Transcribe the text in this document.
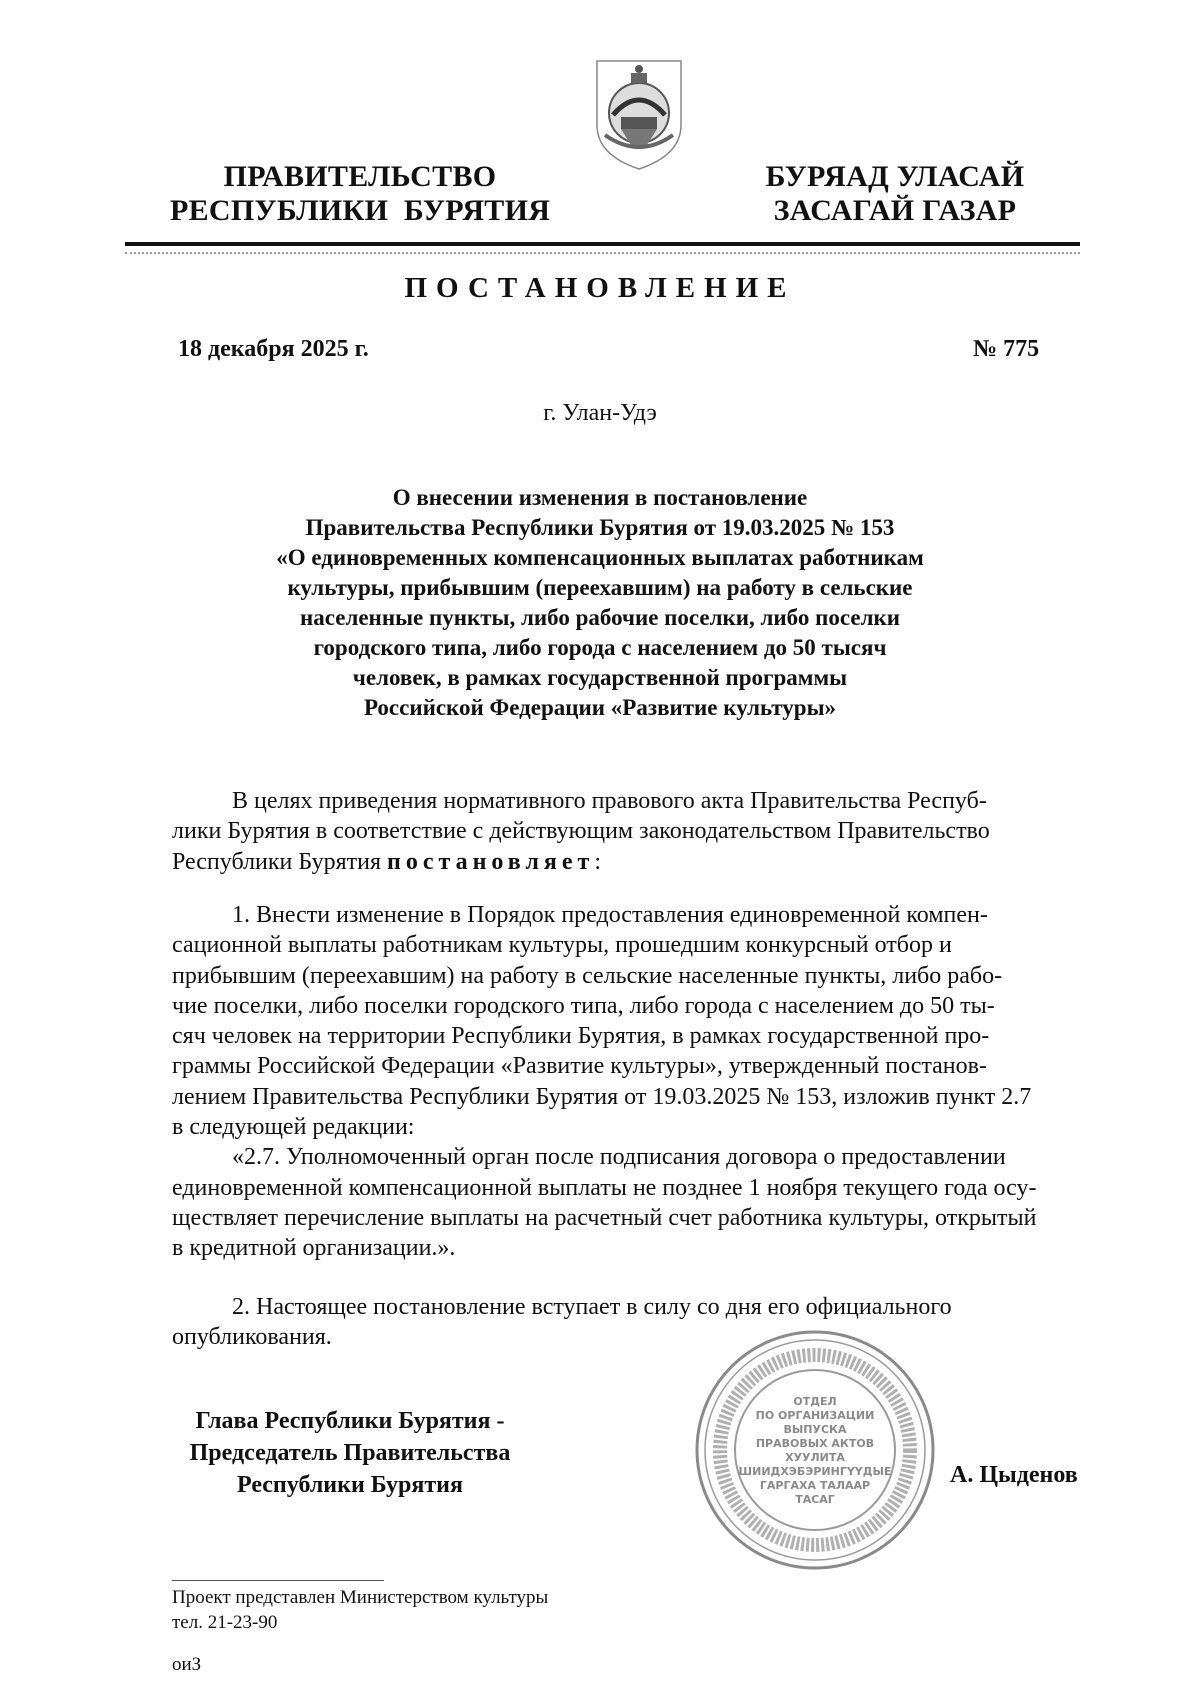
ПРАВИТЕЛЬСТВО
РЕСПУБЛИКИ  БУРЯТИЯ
БУРЯАД УЛАСАЙ
ЗАСАГАЙ ГАЗАР
ПОСТАНОВЛЕНИЕ
18 декабря 2025 г.	№ 775
г. Улан-Удэ
О внесении изменения в постановление
Правительства Республики Бурятия от 19.03.2025 № 153
«О единовременных компенсационных выплатах работникам
культуры, прибывшим (переехавшим) на работу в сельские
населенные пункты, либо рабочие поселки, либо поселки
городского типа, либо города с населением до 50 тысяч
человек, в рамках государственной программы
Российской Федерации «Развитие культуры»
В целях приведения нормативного правового акта Правительства Респуб-
лики Бурятия в соответствие с действующим законодательством Правительство
Республики Бурятия постановляет:
1. Внести изменение в Порядок предоставления единовременной компен-
сационной выплаты работникам культуры, прошедшим конкурсный отбор и
прибывшим (переехавшим) на работу в сельские населенные пункты, либо рабо-
чие поселки, либо поселки городского типа, либо города с населением до 50 ты-
сяч человек на территории Республики Бурятия, в рамках государственной про-
граммы Российской Федерации «Развитие культуры», утвержденный постанов-
лением Правительства Республики Бурятия от 19.03.2025 № 153, изложив пункт 2.7
в следующей редакции:
«2.7. Уполномоченный орган после подписания договора о предоставлении
единовременной компенсационной выплаты не позднее 1 ноября текущего года осу-
ществляет перечисление выплаты на расчетный счет работника культуры, открытый
в кредитной организации.».
2. Настоящее постановление вступает в силу со дня его официального
опубликования.
Глава Республики Бурятия -
Председатель Правительства
Республики Бурятия
ОТДЕЛ
ПО ОРГАНИЗАЦИИ
ВЫПУСКА
ПРАВОВЫХ АКТОВ
ХУУЛИТА
ШИИДХЭБЭРИНГҮҮДЫЕ
ГАРГАХА ТАЛААР
ТАСАГ
А. Цыденов
Проект представлен Министерством культуры
тел. 21-23-90
оиЗ
